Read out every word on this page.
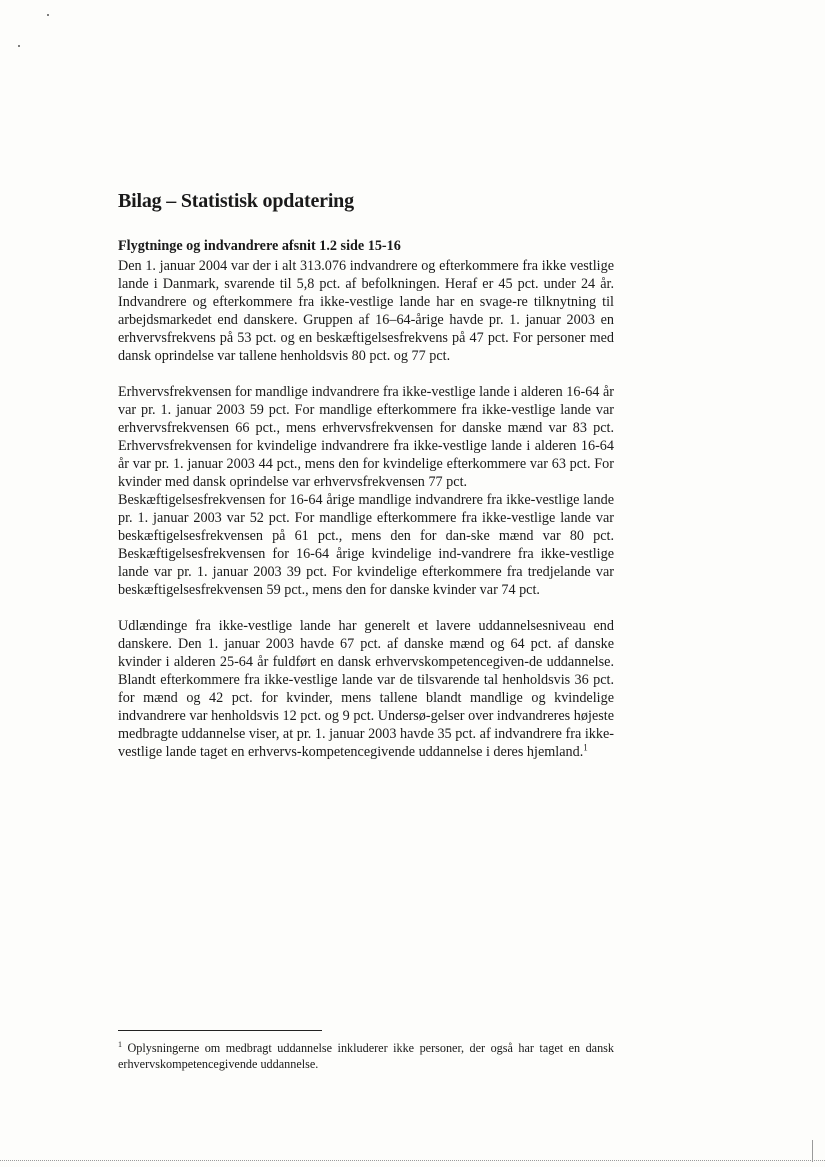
Bilag – Statistisk opdatering
Flygtninge og indvandrere afsnit 1.2 side 15-16

Den 1. januar 2004 var der i alt 313.076 indvandrere og efterkommere fra ikke vestlige lande i Danmark, svarende til 5,8 pct. af befolkningen. Heraf er 45 pct. under 24 år. Indvandrere og efterkommere fra ikke-vestlige lande har en svage-re tilknytning til arbejdsmarkedet end danskere. Gruppen af 16–64-årige havde pr. 1. januar 2003 en erhvervsfrekvens på 53 pct. og en beskæftigelsesfrekvens på 47 pct. For personer med dansk oprindelse var tallene henholdsvis 80 pct. og 77 pct.

Erhvervsfrekvensen for mandlige indvandrere fra ikke-vestlige lande i alderen 16-64 år var pr. 1. januar 2003 59 pct. For mandlige efterkommere fra ikke-vestlige lande var erhvervsfrekvensen 66 pct., mens erhvervsfrekvensen for danske mænd var 83 pct. Erhvervsfrekvensen for kvindelige indvandrere fra ikke-vestlige lande i alderen 16-64 år var pr. 1. januar 2003 44 pct., mens den for kvindelige efterkommere var 63 pct. For kvinder med dansk oprindelse var erhvervsfrekvensen 77 pct.

Beskæftigelsesfrekvensen for 16-64 årige mandlige indvandrere fra ikke-vestlige lande pr. 1. januar 2003 var 52 pct. For mandlige efterkommere fra ikke-vestlige lande var beskæftigelsesfrekvensen på 61 pct., mens den for dan-ske mænd var 80 pct. Beskæftigelsesfrekvensen for 16-64 årige kvindelige ind-vandrere fra ikke-vestlige lande var pr. 1. januar 2003 39 pct. For kvindelige efterkommere fra tredjelande var beskæftigelsesfrekvensen 59 pct., mens den for danske kvinder var 74 pct.

Udlændinge fra ikke-vestlige lande har generelt et lavere uddannelsesniveau end danskere. Den 1. januar 2003 havde 67 pct. af danske mænd og 64 pct. af danske kvinder i alderen 25-64 år fuldført en dansk erhvervskompetencegiven-de uddannelse. Blandt efterkommere fra ikke-vestlige lande var de tilsvarende tal henholdsvis 36 pct. for mænd og 42 pct. for kvinder, mens tallene blandt mandlige og kvindelige indvandrere var henholdsvis 12 pct. og 9 pct. Undersø-gelser over indvandreres højeste medbragte uddannelse viser, at pr. 1. januar 2003 havde 35 pct. af indvandrere fra ikke-vestlige lande taget en erhvervs-kompetencegivende uddannelse i deres hjemland.$^1$

$^1$ Oplysningerne om medbragt uddannelse inkluderer ikke personer, der også har taget en dansk erhvervskompetencegivende uddannelse.
